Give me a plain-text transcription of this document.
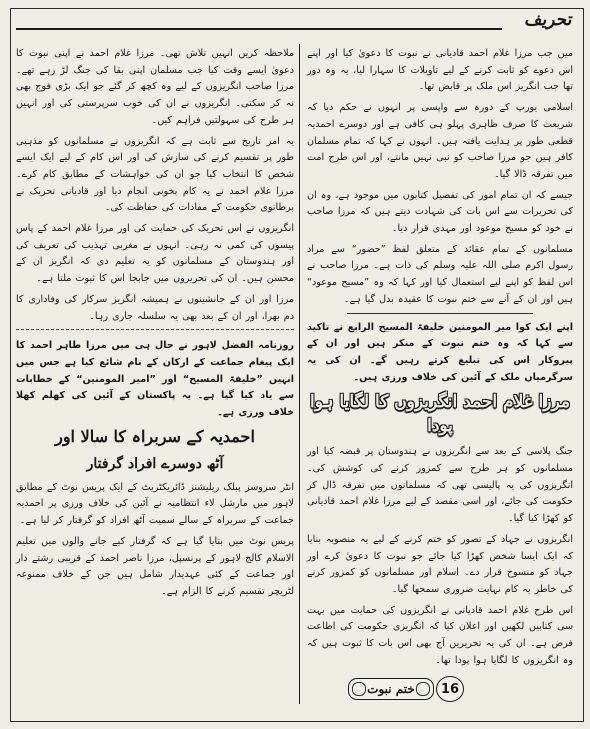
تحریف

میں جب مرزا غلام احمد قادیانی نے نبوت کا دعویٰ کیا اور اپنے اس دعوے کو ثابت کرنے کے لیے تاویلات کا سہارا لیا، یہ وہ دور تھا جب انگریز اس ملک پر قابض تھا۔

اسلامی یورپ کے دورہ سے واپسی پر انہوں نے حکم دیا کہ شریعت کا صرف ظاہری پہلو ہی کافی ہے اور دوسرے احمدیہ قطعی طور پر ہدایت یافتہ ہیں۔ انہوں نے کہا کہ تمام مسلمان کافر ہیں جو مرزا صاحب کو نبی نہیں مانتے، اور اس طرح امت میں تفرقہ ڈالا گیا۔

جیسے کہ ان تمام امور کی تفصیل کتابوں میں موجود ہے، وہ ان کی تحریرات سے اس بات کی شہادت دیتے ہیں کہ مرزا صاحب نے خود کو مسیح موعود اور مہدی قرار دیا۔

مسلمانوں کے تمام عقائد کے متعلق لفظ ”حضور“ سے مراد رسول اکرم صلی اللہ علیہ وسلم کی ذات ہے۔ مرزا صاحب نے اس لفظ کو اپنے لیے استعمال کیا اور کہا کہ وہ ”مسیح موعود“ ہیں اور ان کے آنے سے ختم نبوت کا عقیدہ بدل گیا ہے۔

اپنے ایک کوا میر المومنین خلیفۃ المسیح الرابع نے تاکید سے کہا کہ وہ ختم نبوت کے منکر ہیں اور ان کے پیروکار اس کی تبلیغ کرتے رہیں گے۔ ان کی یہ سرگرمیاں ملک کے آئین کی خلاف ورزی ہیں۔

مرزا غلام احمد انگریزوں کا لگایا ہوا پودا

جنگ پلاسی کے بعد سے انگریزوں نے ہندوستان پر قبضہ کیا اور مسلمانوں کو ہر طرح سے کمزور کرنے کی کوشش کی۔ انگریزوں کی یہ پالیسی تھی کہ مسلمانوں میں تفرقہ ڈال کر حکومت کی جائے، اور اسی مقصد کے لیے مرزا غلام احمد قادیانی کو کھڑا کیا گیا۔

انگریزوں نے جہاد کے تصور کو ختم کرنے کے لیے یہ منصوبہ بنایا کہ ایک ایسا شخص کھڑا کیا جائے جو نبوت کا دعویٰ کرے اور جہاد کو منسوخ قرار دے۔ اسلام اور مسلمانوں کو کمزور کرنے کی خاطر یہ کام نہایت ضروری سمجھا گیا۔

اس طرح غلام احمد قادیانی نے انگریزوں کی حمایت میں بہت سی کتابیں لکھیں اور اعلان کیا کہ انگریزی حکومت کی اطاعت فرض ہے۔ ان کی یہ تحریریں آج بھی اس بات کا ثبوت ہیں کہ وہ انگریزوں کا لگایا ہوا پودا تھا۔

ملاحظہ کریں انہیں تلاش تھی۔ مرزا غلام احمد نے اپنی نبوت کا دعویٰ ایسے وقت کیا جب مسلمان اپنی بقا کی جنگ لڑ رہے تھے۔ مرزا صاحب انگریزوں کے لیے وہ کچھ کر گئے جو ایک بڑی فوج بھی نہ کر سکتی۔ انگریزوں نے ان کی خوب سرپرستی کی اور انہیں ہر طرح کی سہولتیں فراہم کیں۔

یہ امر تاریخ سے ثابت ہے کہ انگریزوں نے مسلمانوں کو مذہبی طور پر تقسیم کرنے کی سازش کی اور اس کام کے لیے ایک ایسے شخص کا انتخاب کیا جو ان کی خواہشات کے مطابق کام کرے۔ مرزا غلام احمد نے یہ کام بخوبی انجام دیا اور قادیانی تحریک نے برطانوی حکومت کے مفادات کی حفاظت کی۔

انگریزوں نے اس تحریک کی حمایت کی اور مرزا غلام احمد کے پاس پیسوں کی کمی نہ رہی۔ انہوں نے مغربی تہذیب کی تعریف کی اور ہندوستان کے مسلمانوں کو یہ تعلیم دی کہ انگریز ان کے محسن ہیں۔ ان کی تحریروں میں جابجا اس کا ثبوت ملتا ہے۔

مرزا اور ان کے جانشینوں نے ہمیشہ انگریز سرکار کی وفاداری کا دم بھرا، اور ان کے بعد بھی یہ سلسلہ جاری رہا۔

روزنامہ الفضل لاہور نے حال ہی میں مرزا طاہر احمد کا ایک پیغام جماعت کے ارکان کے نام شائع کیا ہے جس میں انہیں ”خلیفۃ المسیح“ اور ”امیر المومنین“ کے خطابات سے یاد کیا گیا ہے۔ یہ پاکستان کے آئین کی کھلم کھلا خلاف ورزی ہے۔

احمدیہ کے سربراہ کا سالا اور
آٹھ دوسرے افراد گرفتار

انٹر سروسز پبلک ریلیشنز ڈائریکٹریٹ کے ایک پریس نوٹ کے مطابق لاہور میں مارشل لاء انتظامیہ نے آئین کی خلاف ورزی پر احمدیہ جماعت کے سربراہ کے سالے سمیت آٹھ افراد کو گرفتار کر لیا ہے۔

پریس نوٹ میں بتایا گیا ہے کہ گرفتار کیے جانے والوں میں تعلیم الاسلام کالج لاہور کے پرنسپل، مرزا ناصر احمد کے قریبی رشتے دار اور جماعت کے کئی عہدیدار شامل ہیں جن کے خلاف ممنوعہ لٹریچر تقسیم کرنے کا الزام ہے۔

ختم نبوت	16
